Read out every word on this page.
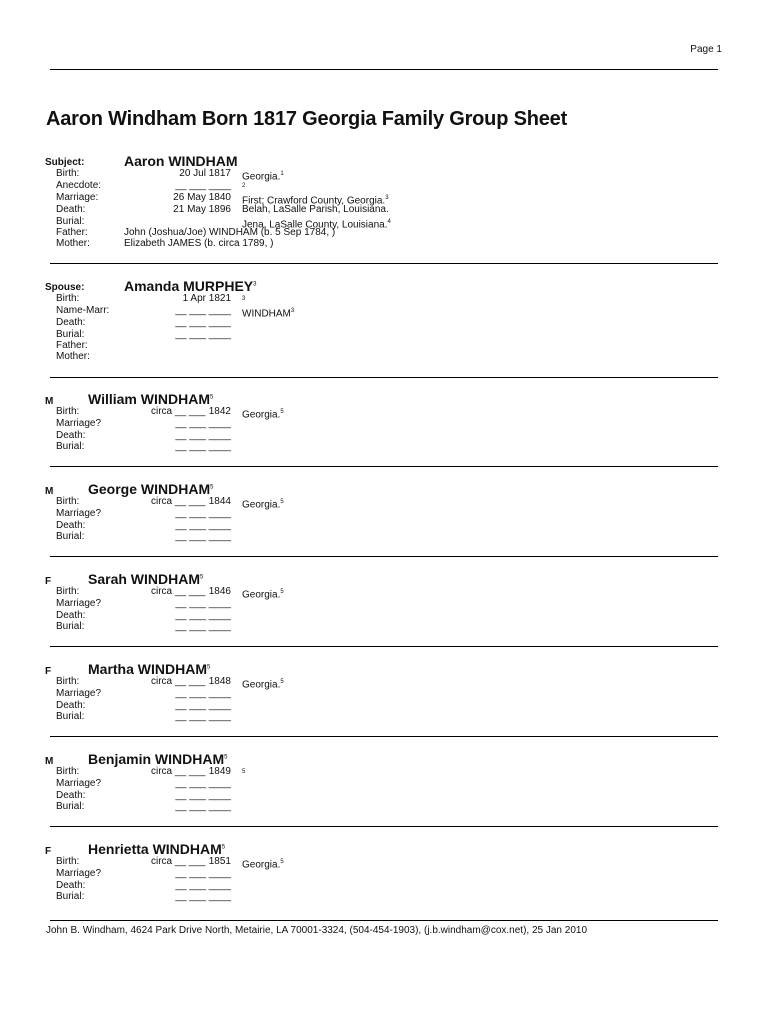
Page 1
Aaron Windham Born 1817 Georgia Family Group Sheet
Subject:	Aaron WINDHAM
Birth:	20 Jul 1817 Georgia.$^1$
Anecdote:	__ ___ ____ $^2$
Marriage:	26 May 1840 First; Crawford County, Georgia.$^3$
Death:	21 May 1896 Belah, LaSalle Parish, Louisiana.
Burial:	Jena, LaSalle County, Louisiana.$^4$
Father:	John (Joshua/Joe) WINDHAM (b. 5 Sep 1784, )
Mother:	Elizabeth JAMES (b. circa 1789, )
Spouse:	Amanda MURPHEY$^3$
Birth:	1 Apr 1821 $^3$
Name-Marr:	__ ___ ____ WINDHAM$^3$
Death:	__ ___ ____
Burial:	__ ___ ____
Father:
Mother:
M William WINDHAM$^5$
Birth:	circa __ ___ 1842 Georgia.$^5$
Marriage?	__ ___ ____
Death:	__ ___ ____
Burial:	__ ___ ____
M George WINDHAM$^5$
Birth:	circa __ ___ 1844 Georgia.$^5$
Marriage?	__ ___ ____
Death:	__ ___ ____
Burial:	__ ___ ____
F	Sarah WINDHAM$^5$
Birth:	circa __ ___ 1846 Georgia.$^5$
Marriage?	__ ___ ____
Death:	__ ___ ____
Burial:	__ ___ ____
F	Martha WINDHAM$^5$
Birth:	circa __ ___ 1848 Georgia.$^5$
Marriage?	__ ___ ____
Death:	__ ___ ____
Burial:	__ ___ ____
M Benjamin WINDHAM$^5$
Birth:	circa __ ___ 1849 $^5$
Marriage?	__ ___ ____
Death:	__ ___ ____
Burial:	__ ___ ____
F	Henrietta WINDHAM$^5$
Birth:	circa __ ___ 1851 Georgia.$^5$
Marriage?	__ ___ ____
Death:	__ ___ ____
Burial:	__ ___ ____
John B. Windham, 4624 Park Drive North, Metairie, LA 70001-3324, (504-454-1903), (j.b.windham@cox.net), 25 Jan 2010
